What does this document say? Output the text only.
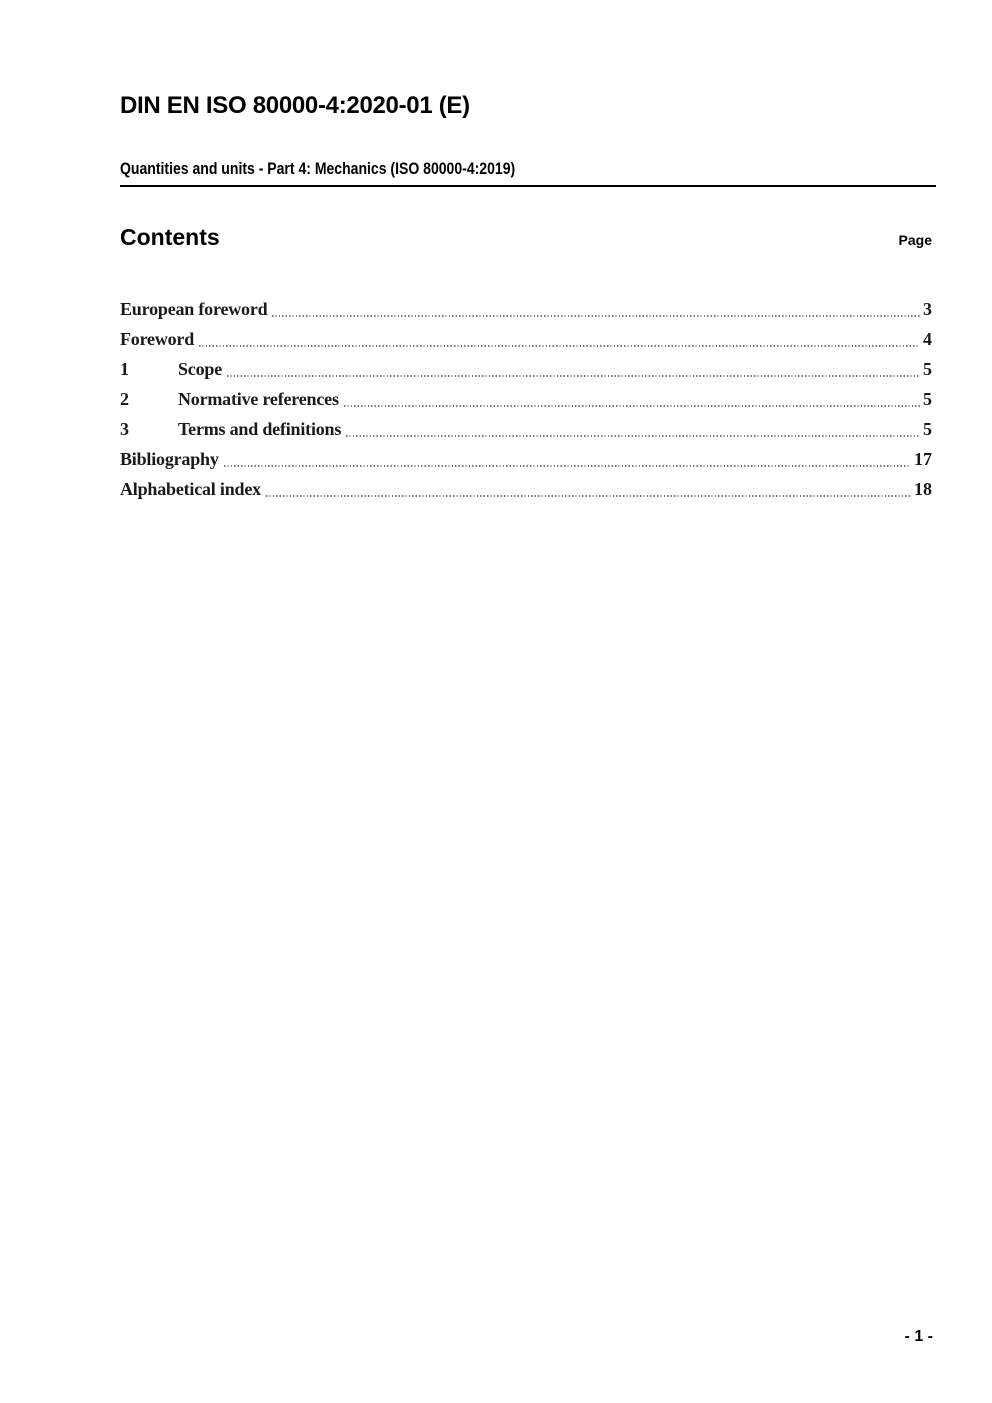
DIN EN ISO 80000-4:2020-01 (E)
Quantities and units - Part 4: Mechanics (ISO 80000-4:2019)
Contents	Page
European foreword	3
Foreword	4
1	Scope	5
2	Normative references	5
3	Terms and definitions	5
Bibliography	17
Alphabetical index	18
- 1 -
